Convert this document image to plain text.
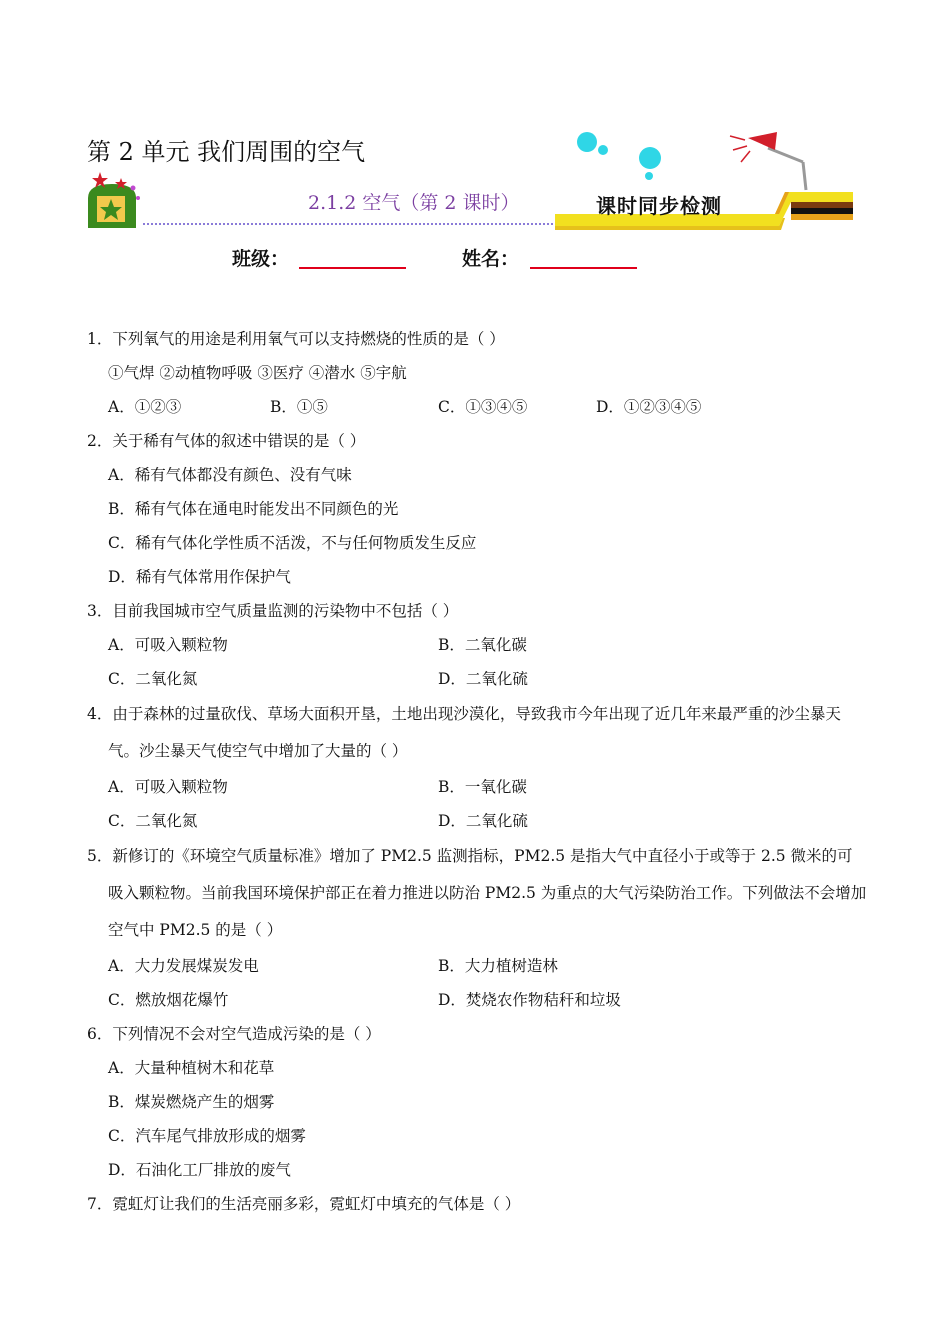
第 2 单元 我们周围的空气
2.1.2 空气（第 2 课时）	课时同步检测
班级：	姓名：
1．下列氧气的用途是利用氧气可以支持燃烧的性质的是（ ）
①气焊 ②动植物呼吸 ③医疗 ④潜水 ⑤宇航
A．①②③	B．①⑤	C．①③④⑤	D．①②③④⑤
2．关于稀有气体的叙述中错误的是（ ）
A．稀有气体都没有颜色、没有气味
B．稀有气体在通电时能发出不同颜色的光
C．稀有气体化学性质不活泼，不与任何物质发生反应
D．稀有气体常用作保护气
3．目前我国城市空气质量监测的污染物中不包括（ ）
A．可吸入颗粒物	B．二氧化碳
C．二氧化氮	D．二氧化硫
4．由于森林的过量砍伐、草场大面积开垦，土地出现沙漠化，导致我市今年出现了近几年来最严重的沙尘暴天气。沙尘暴天气使空气中增加了大量的（ ）
A．可吸入颗粒物	B．一氧化碳
C．二氧化氮	D．二氧化硫
5．新修订的《环境空气质量标准》增加了 PM2.5 监测指标，PM2.5 是指大气中直径小于或等于 2.5 微米的可吸入颗粒物。当前我国环境保护部正在着力推进以防治 PM2.5 为重点的大气污染防治工作。下列做法不会增加空气中 PM2.5 的是（ ）
A．大力发展煤炭发电	B．大力植树造林
C．燃放烟花爆竹	D．焚烧农作物秸秆和垃圾
6．下列情况不会对空气造成污染的是（ ）
A．大量种植树木和花草
B．煤炭燃烧产生的烟雾
C．汽车尾气排放形成的烟雾
D．石油化工厂排放的废气
7．霓虹灯让我们的生活亮丽多彩，霓虹灯中填充的气体是（ ）
